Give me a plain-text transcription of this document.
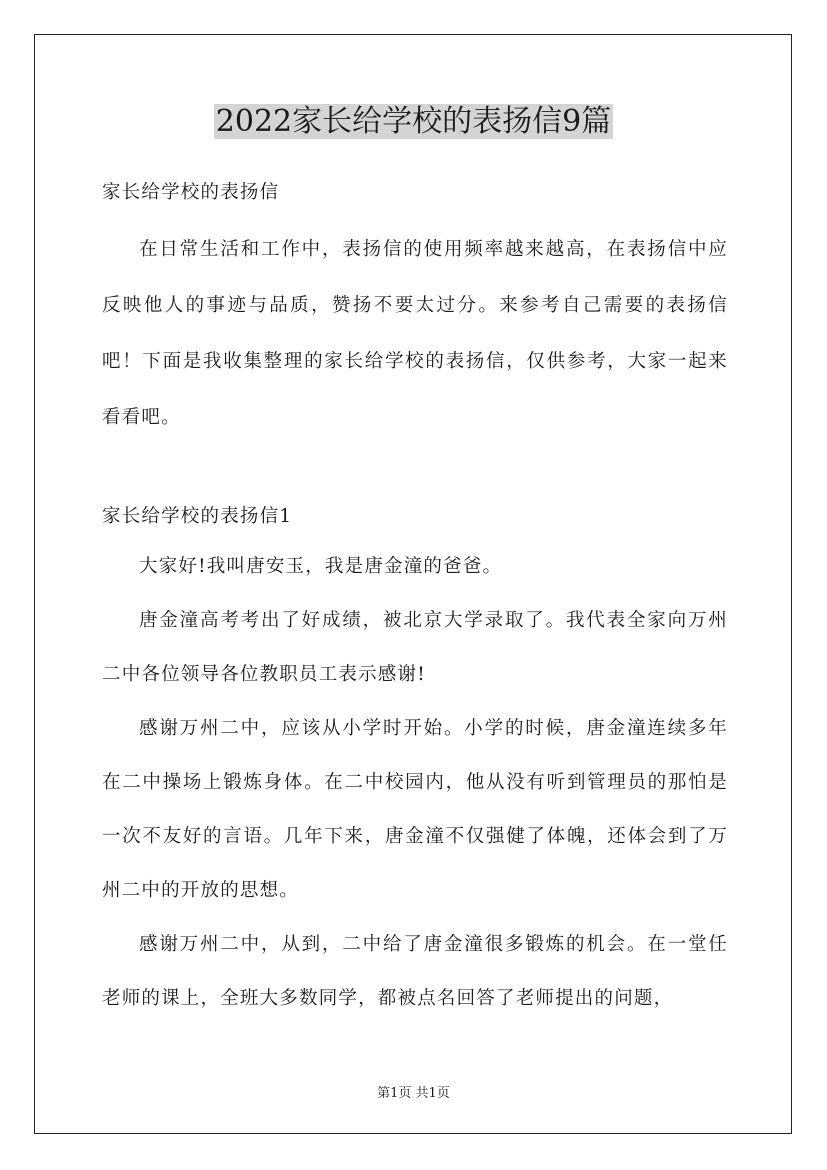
2022家长给学校的表扬信9篇

家长给学校的表扬信

在日常生活和工作中，表扬信的使用频率越来越高，在表扬信中应反映他人的事迹与品质，赞扬不要太过分。来参考自己需要的表扬信吧！下面是我收集整理的家长给学校的表扬信，仅供参考，大家一起来看看吧。

家长给学校的表扬信1

大家好!我叫唐安玉，我是唐金潼的爸爸。

唐金潼高考考出了好成绩，被北京大学录取了。我代表全家向万州二中各位领导各位教职员工表示感谢!

感谢万州二中，应该从小学时开始。小学的时候，唐金潼连续多年在二中操场上锻炼身体。在二中校园内，他从没有听到管理员的那怕是一次不友好的言语。几年下来，唐金潼不仅强健了体魄，还体会到了万州二中的开放的思想。

感谢万州二中，从到，二中给了唐金潼很多锻炼的机会。在一堂任老师的课上，全班大多数同学，都被点名回答了老师提出的问题，

第1页 共1页
